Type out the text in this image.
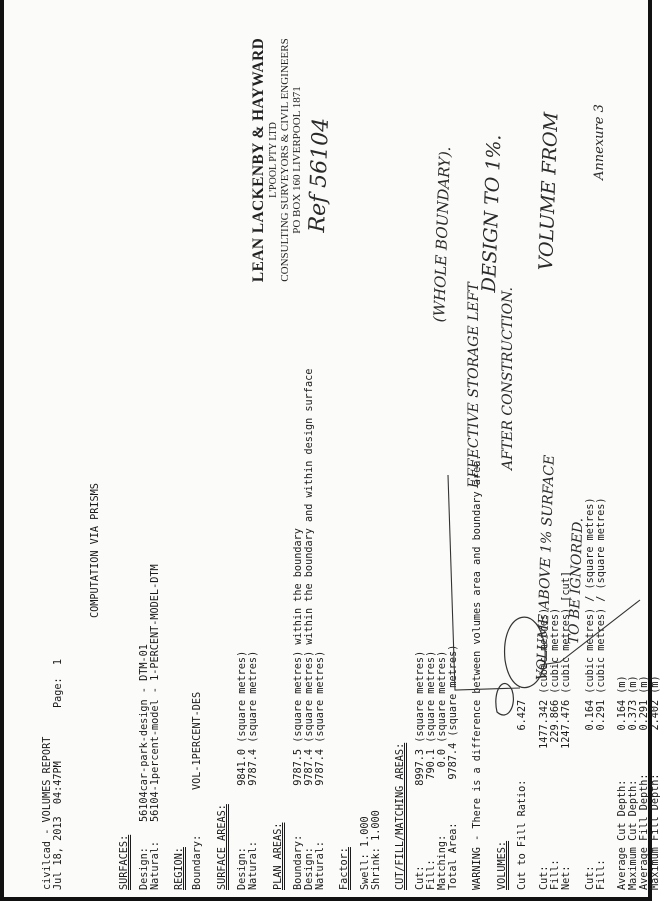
civilcad - VOLUMES REPORT Jul 18, 2013  04:47PM
Page:  1
COMPUTATION VIA PRISMS
SURFACES: Design:
56104car-park-design - DTM-01
Natural:
56104-1percent-model - 1-PERCENT-MODEL-DTM
REGION: Boundary:
VOL-1PERCENT-DES
SURFACE AREAS: Design:          9841.0 (square metres) Natural:         9787.4 (square metres) PLAN AREAS: Boundary:        9787.5 (square metres) within the boundary Design:          9787.4 (square metres) within the boundary and within design surface Natural:         9787.4 (square metres) Factor: Swell: 1.000 Shrink: 1.000 CUT/FILL/MATCHING AREAS: Cut:             8997.3 (square metres) Fill:             790.1 (square metres) Matching:           0.0 (square metres) Total Area:       9787.4 (square metres) WARNING - There is a difference between volumes area and boundary area. VOLUMES: Cut to Fill Ratio:        6.427 Cut:                   1477.342 (cubic metres) Fill:                   229.866 (cubic metres) Net:                   1247.476 (cubic metres) [cut] Cut:                      0.164 (cubic metres) / (square metres) Fill:                     0.291 (cubic metres) / (square metres) Average Cut Depth:        0.164 (m) Maximum Cut Depth:        0.373 (m) Average Fill Depth:       0.291 (m) Maximum Fill Depth:       2.402 (m)
LEAN LACKENBY & HAYWARD L'POOL PTY LTD CONSULTING SURVEYORS & CIVIL ENGINEERS PO BOX 160 LIVERPOOL 1871	Annexure 3
VOLUME FROM
DESIGN TO 1%.
(WHOLE BOUNDARY).
Ref 56104
EFFECTIVE STORAGE LEFT AFTER CONSTRUCTION.
VOLUME ABOVE 1% SURFACE TO BE IGNORED.
